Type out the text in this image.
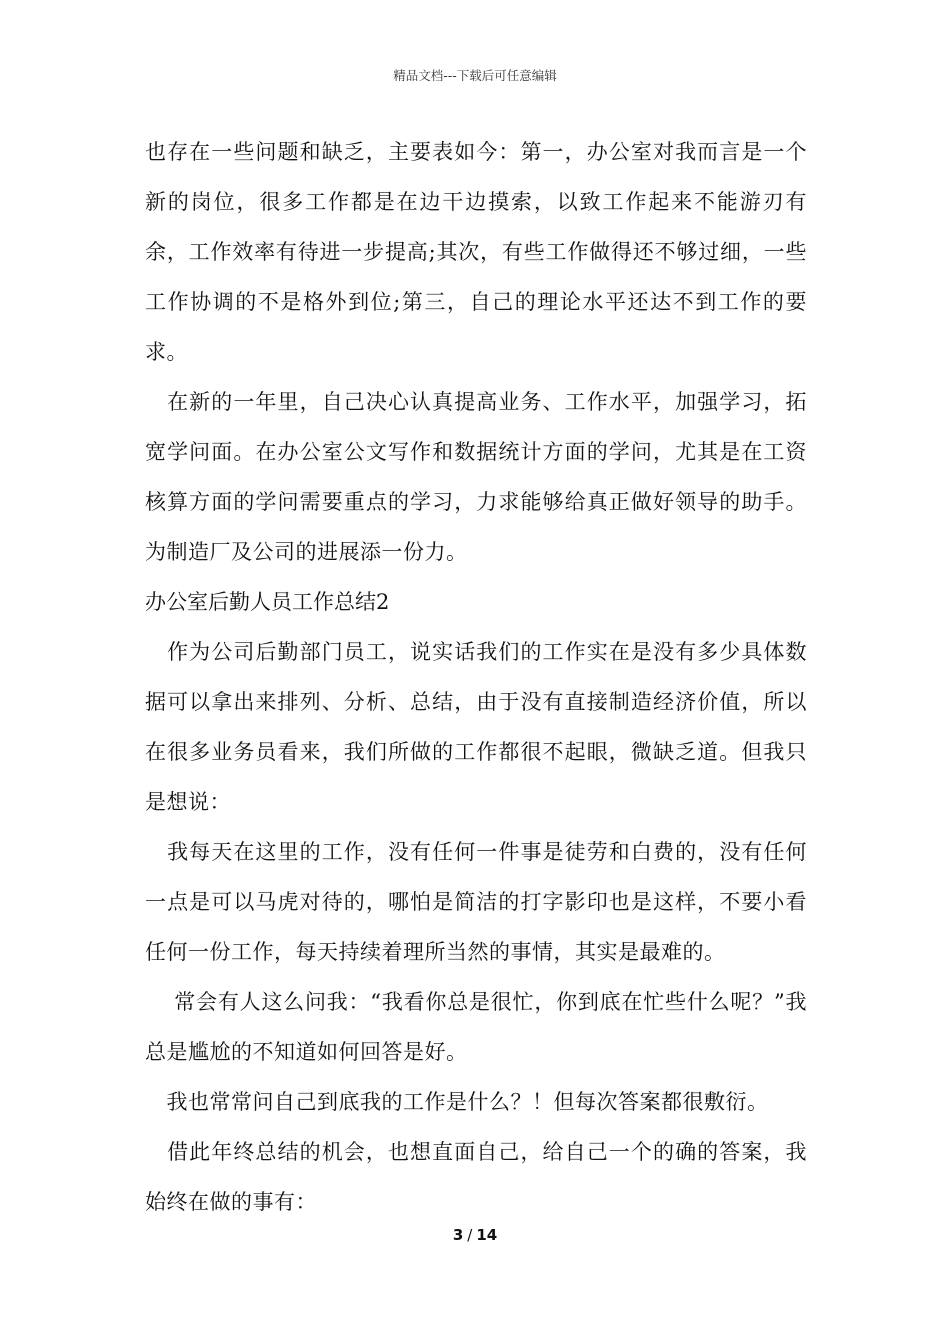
精品文档---下载后可任意编辑

也存在一些问题和缺乏，主要表如今：第一，办公室对我而言是一个新的岗位，很多工作都是在边干边摸索，以致工作起来不能游刃有余，工作效率有待进一步提高;其次，有些工作做得还不够过细，一些工作协调的不是格外到位;第三，自己的理论水平还达不到工作的要求。

　在新的一年里，自己决心认真提高业务、工作水平，加强学习，拓宽学问面。在办公室公文写作和数据统计方面的学问，尤其是在工资核算方面的学问需要重点的学习，力求能够给真正做好领导的助手。为制造厂及公司的进展添一份力。

办公室后勤人员工作总结2

　作为公司后勤部门员工，说实话我们的工作实在是没有多少具体数据可以拿出来排列、分析、总结，由于没有直接制造经济价值，所以在很多业务员看来，我们所做的工作都很不起眼，微缺乏道。但我只是想说：

　我每天在这里的工作，没有任何一件事是徒劳和白费的，没有任何一点是可以马虎对待的，哪怕是简洁的打字影印也是这样，不要小看任何一份工作，每天持续着理所当然的事情，其实是最难的。

　 常会有人这么问我：“我看你总是很忙，你到底在忙些什么呢？”我总是尴尬的不知道如何回答是好。

　我也常常问自己到底我的工作是什么？！但每次答案都很敷衍。

　借此年终总结的机会，也想直面自己，给自己一个的确的答案，我始终在做的事有：

3 / 14
